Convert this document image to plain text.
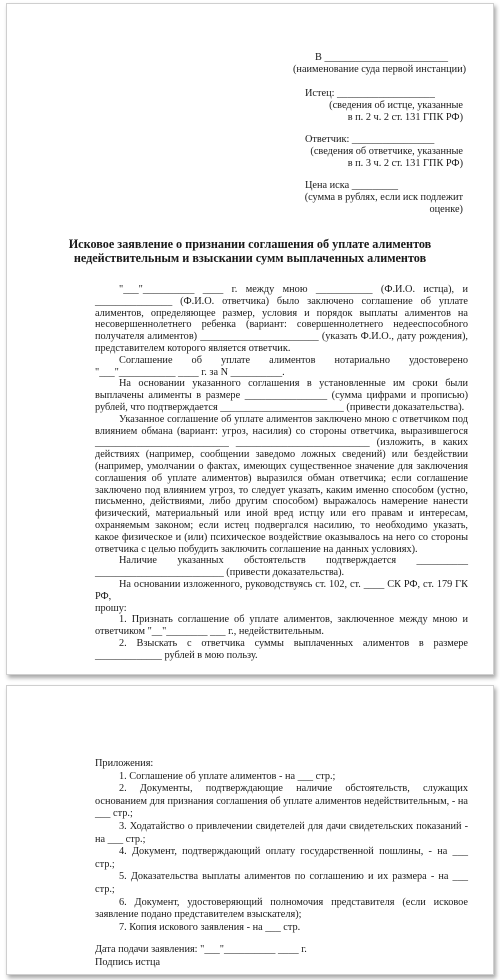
В ________________________

(наименование суда первой инстанции)

Истец: ___________________

(сведения об истце, указанные

в п. 2 ч. 2 ст. 131 ГПК РФ)

Ответчик: ________________

(сведения об ответчике, указанные

в п. 3 ч. 2 ст. 131 ГПК РФ)

Цена иска _________

(сумма в рублях, если иск подлежит

оценке)

Исковое заявление о признании соглашения об уплате алиментов

недействительным и взыскании сумм выплаченных алиментов

"___"__________ ____ г. между мною ___________ (Ф.И.О. истца), и _______________ (Ф.И.О. ответчика) было заключено соглашение об уплате алиментов, определяющее размер, условия и порядок выплаты алиментов на несовершеннолетнего ребенка (вариант: совершеннолетнего недееспособного получателя алиментов) _______________________ (указать Ф.И.О., дату рождения), представителем которого является ответчик.

Соглашение об уплате алиментов нотариально удостоверено "___"___________ ____ г. за N __________.

На основании указанного соглашения в установленные им сроки были выплачены алименты в размере ________________ (сумма цифрами и прописью) рублей, что подтверждается ________________________ (привести доказательства).

Указанное соглашение об уплате алиментов заключено мною с ответчиком под влиянием обмана (вариант: угроз, насилия) со стороны ответчика, выразившегося __________________________ __________________________ (изложить, в каких действиях (например, сообщении заведомо ложных сведений) или бездействии (например, умолчании о фактах, имеющих существенное значение для заключения соглашения об уплате алиментов) выразился обман ответчика; если соглашение заключено под влиянием угроз, то следует указать, каким именно способом (устно, письменно, действиями, либо другим способом) выражалось намерение нанести физический, материальный или иной вред истцу или его правам и интересам, охраняемым законом; если истец подвергался насилию, то необходимо указать, какое физическое и (или) психическое воздействие оказывалось на него со стороны ответчика с целью побудить заключить соглашение на данных условиях).

Наличие указанных обстоятельств подтверждается __________ _________________________ (привести доказательства).

На основании изложенного, руководствуясь ст. 102, ст. ____ СК РФ, ст. 179 ГК РФ,

прошу:

1. Признать соглашение об уплате алиментов, заключенное между мною и ответчиком "__"________ ___ г., недействительным.

2. Взыскать с ответчика суммы выплаченных алиментов в размере _____________ рублей в мою пользу.

Приложения:

1. Соглашение об уплате алиментов - на ___ стр.;

2. Документы, подтверждающие наличие обстоятельств, служащих основанием для признания соглашения об уплате алиментов недействительным, - на ___ стр.;

3. Ходатайство о привлечении свидетелей для дачи свидетельских показаний - на ___ стр.;

4. Документ, подтверждающий оплату государственной пошлины, - на ___ стр.;

5. Доказательства выплаты алиментов по соглашению и их размера - на ___ стр.;

6. Документ, удостоверяющий полномочия представителя (если исковое заявление подано представителем взыскателя);

7. Копия искового заявления - на ___ стр.

Дата подачи заявления: "___"__________ ____ г.

Подпись истца
